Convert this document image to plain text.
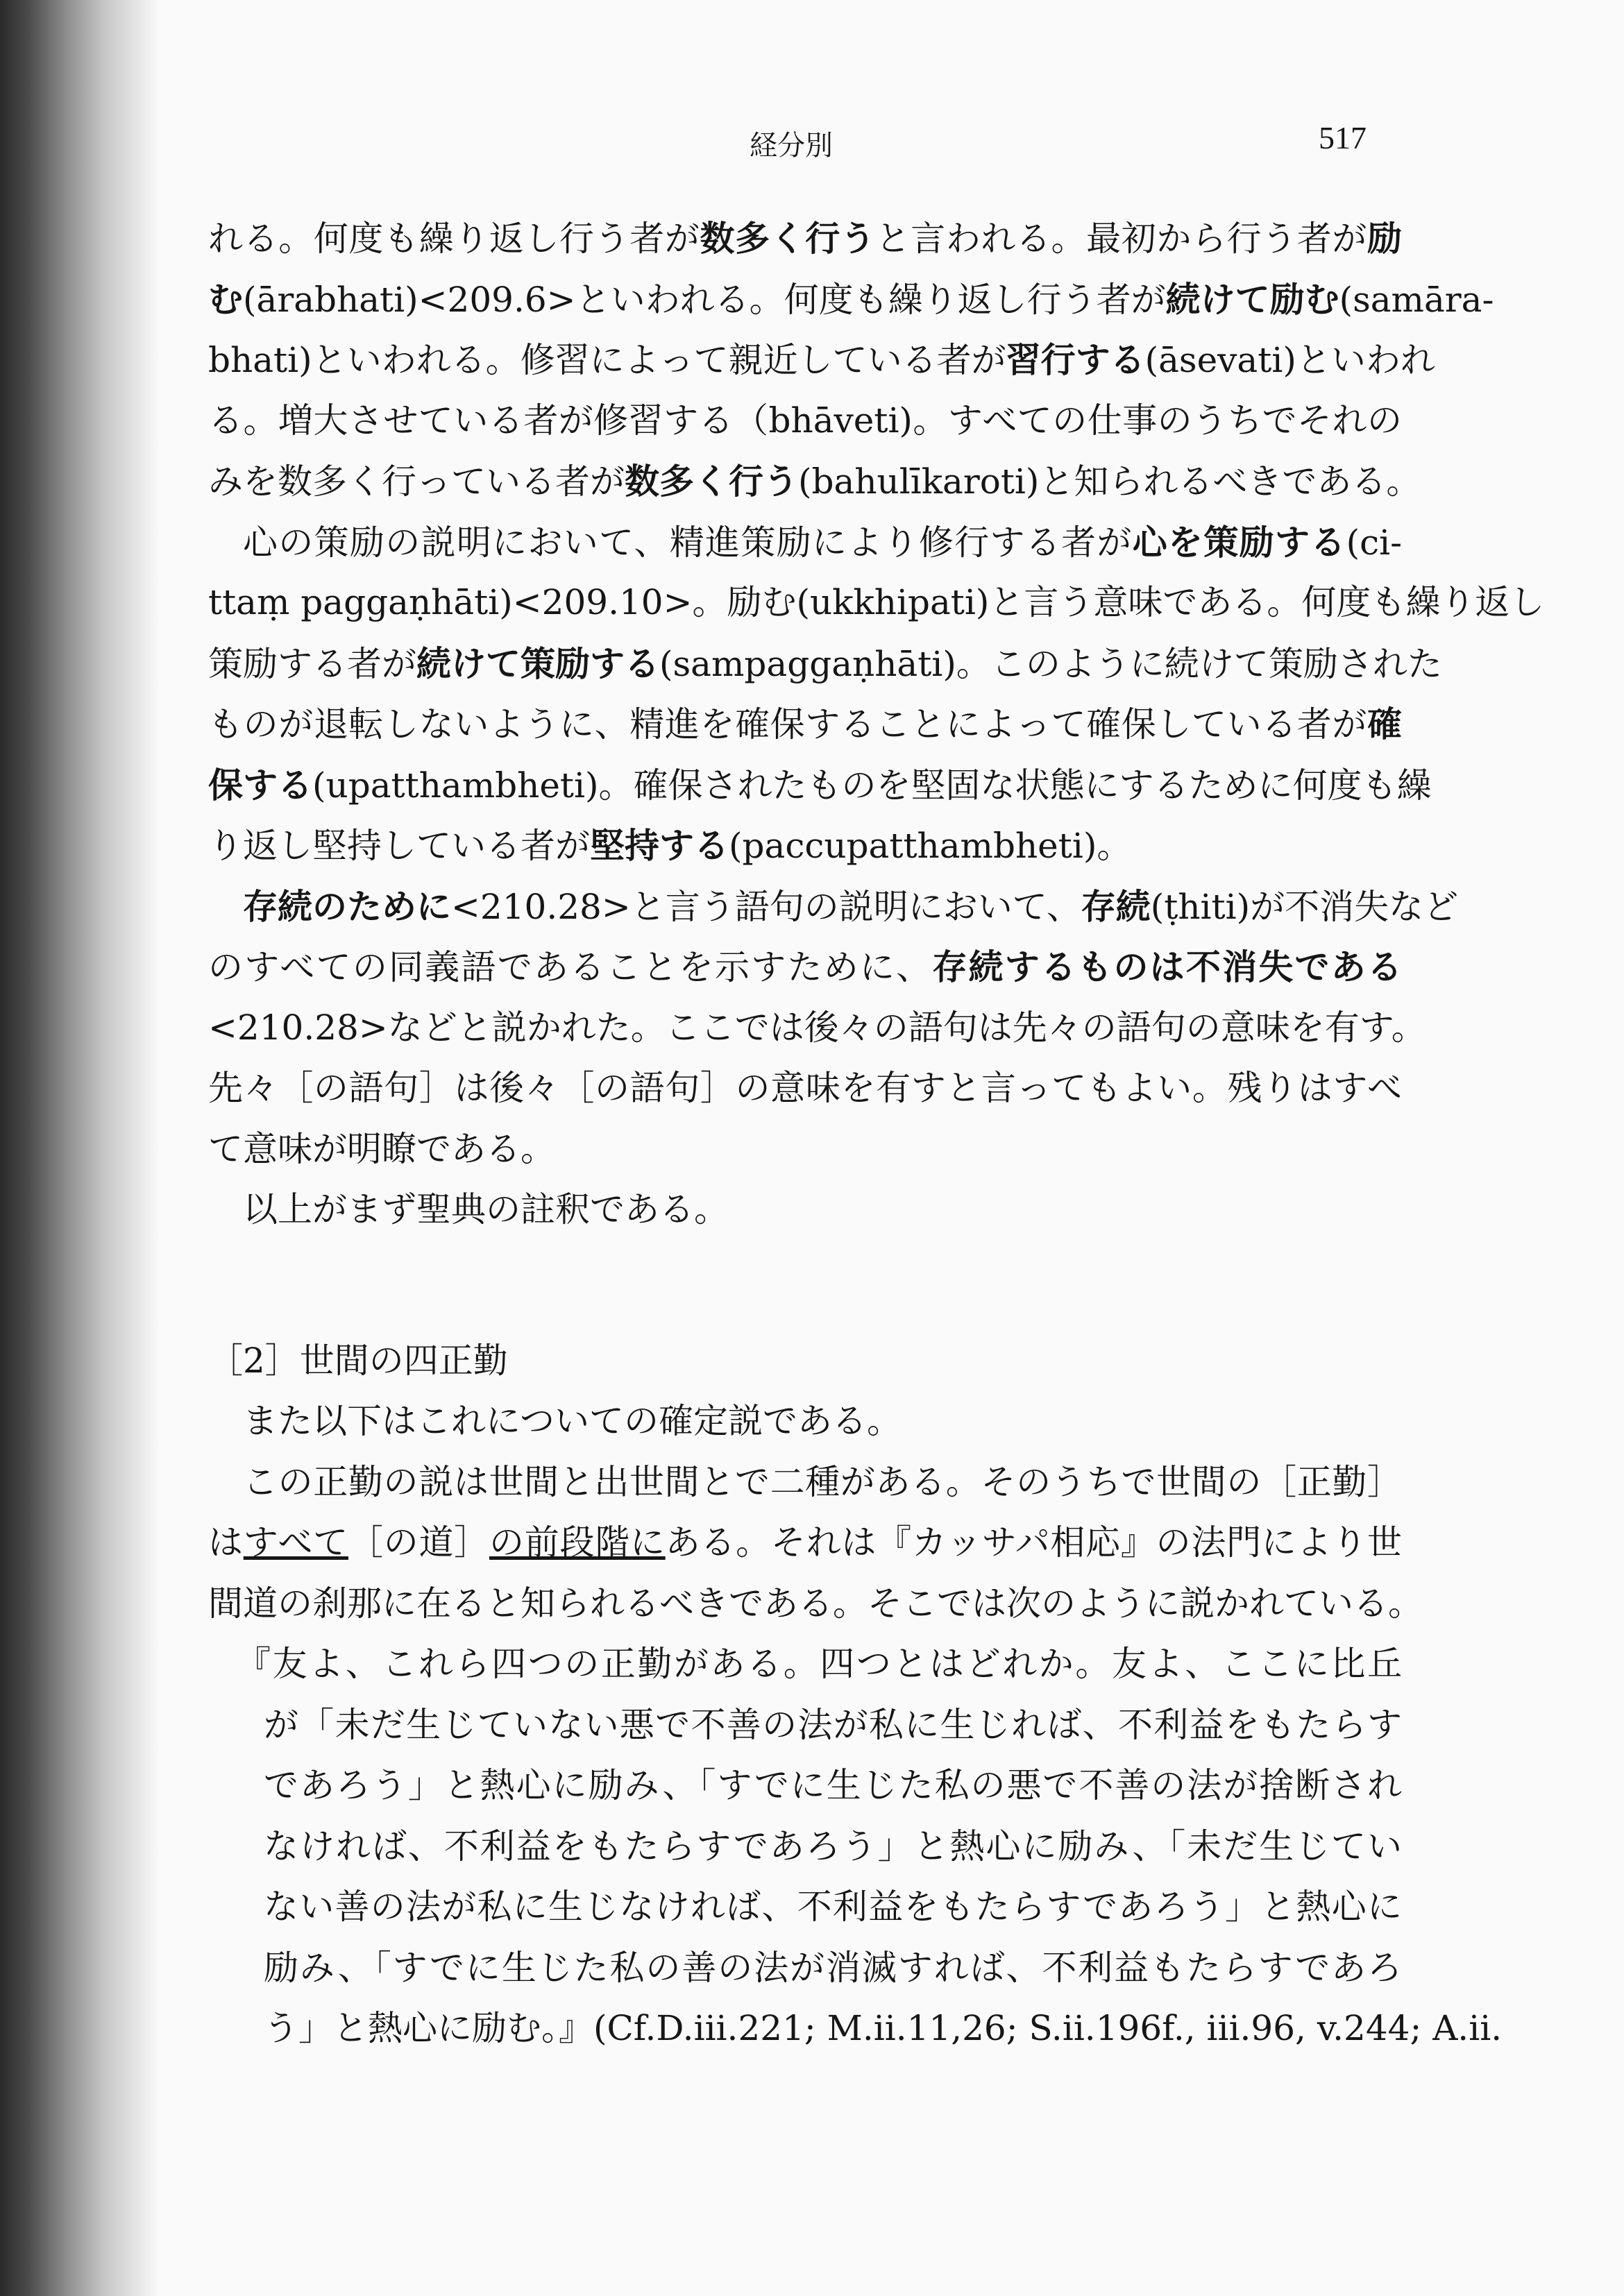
経分別	517
れる。何度も繰り返し行う者が数多く行うと言われる。最初から行う者が励
む(ārabhati)<209.6>といわれる。何度も繰り返し行う者が続けて励む(samāra-
bhati)といわれる。修習によって親近している者が習行する(āsevati)といわれ
る。増大させている者が修習する（bhāveti)。すべての仕事のうちでそれの
みを数多く行っている者が数多く行う(bahulīkaroti)と知られるべきである。
心の策励の説明において、精進策励により修行する者が心を策励する(ci-
ttaṃ paggaṇhāti)<209.10>。励む(ukkhipati)と言う意味である。何度も繰り返し
策励する者が続けて策励する(sampaggaṇhāti)。このように続けて策励された
ものが退転しないように、精進を確保することによって確保している者が確
保する(upatthambheti)。確保されたものを堅固な状態にするために何度も繰
り返し堅持している者が堅持する(paccupatthambheti)。
存続のために<210.28>と言う語句の説明において、存続(ṭhiti)が不消失など
のすべての同義語であることを示すために、存続するものは不消失である
<210.28>などと説かれた。ここでは後々の語句は先々の語句の意味を有す。
先々［の語句］は後々［の語句］の意味を有すと言ってもよい。残りはすべ
て意味が明瞭である。
以上がまず聖典の註釈である。
［2］世間の四正勤
また以下はこれについての確定説である。
この正勤の説は世間と出世間とで二種がある。そのうちで世間の［正勤］
はすべて［の道］の前段階にある。それは『カッサパ相応』の法門により世
間道の刹那に在ると知られるべきである。そこでは次のように説かれている。
『友よ、これら四つの正勤がある。四つとはどれか。友よ、ここに比丘
が「未だ生じていない悪で不善の法が私に生じれば、不利益をもたらす
であろう」と熱心に励み、「すでに生じた私の悪で不善の法が捨断され
なければ、不利益をもたらすであろう」と熱心に励み、「未だ生じてい
ない善の法が私に生じなければ、不利益をもたらすであろう」と熱心に
励み、「すでに生じた私の善の法が消滅すれば、不利益もたらすであろ
う」と熱心に励む。』(Cf.D.iii.221; M.ii.11,26; S.ii.196f., iii.96, v.244; A.ii.
